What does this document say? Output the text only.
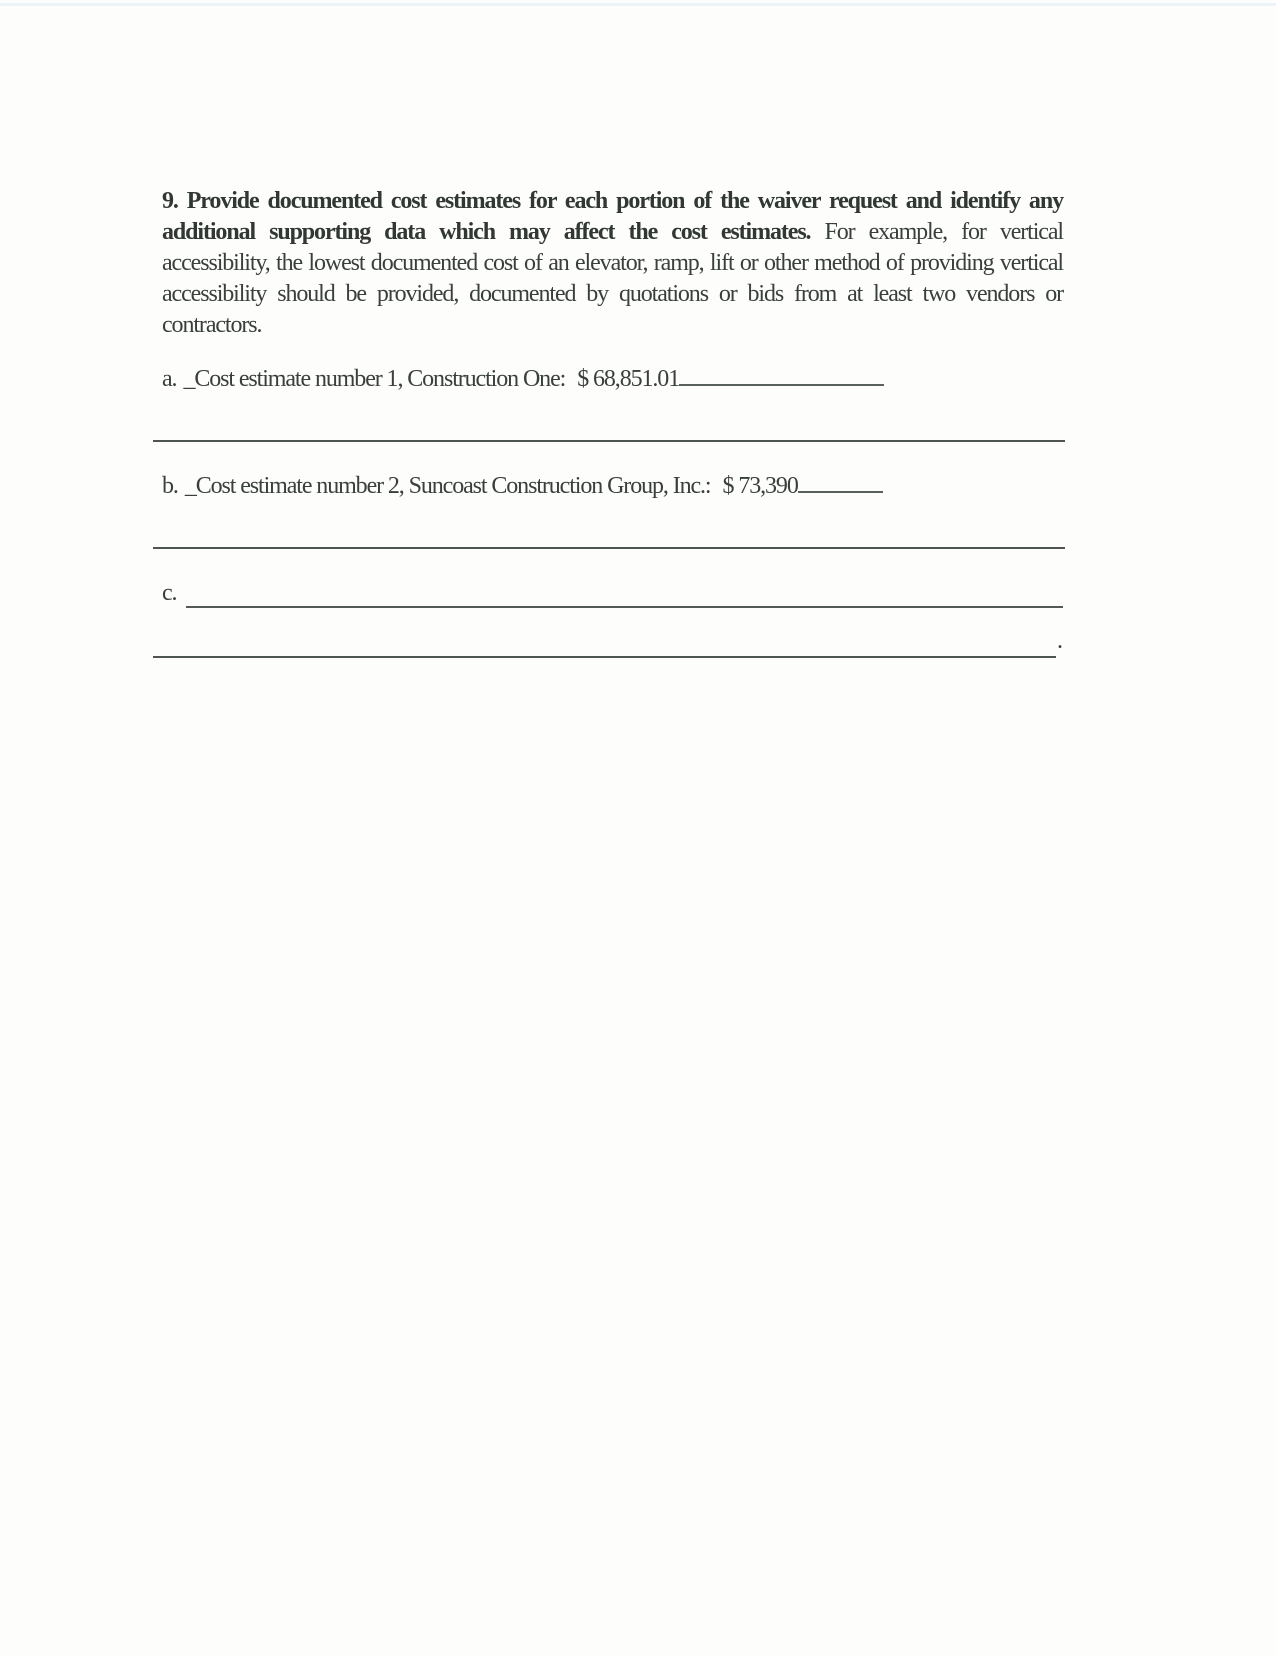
9. Provide documented cost estimates for each portion of the waiver request and identify any additional supporting data which may affect the cost estimates. For example, for vertical accessibility, the lowest documented cost of an elevator, ramp, lift or other method of providing vertical accessibility should be provided, documented by quotations or bids from at least two vendors or contractors.
a. _Cost estimate number 1, Construction One: $ 68,851.01
b. _Cost estimate number 2, Suncoast Construction Group, Inc.: $ 73,390
c.
.
